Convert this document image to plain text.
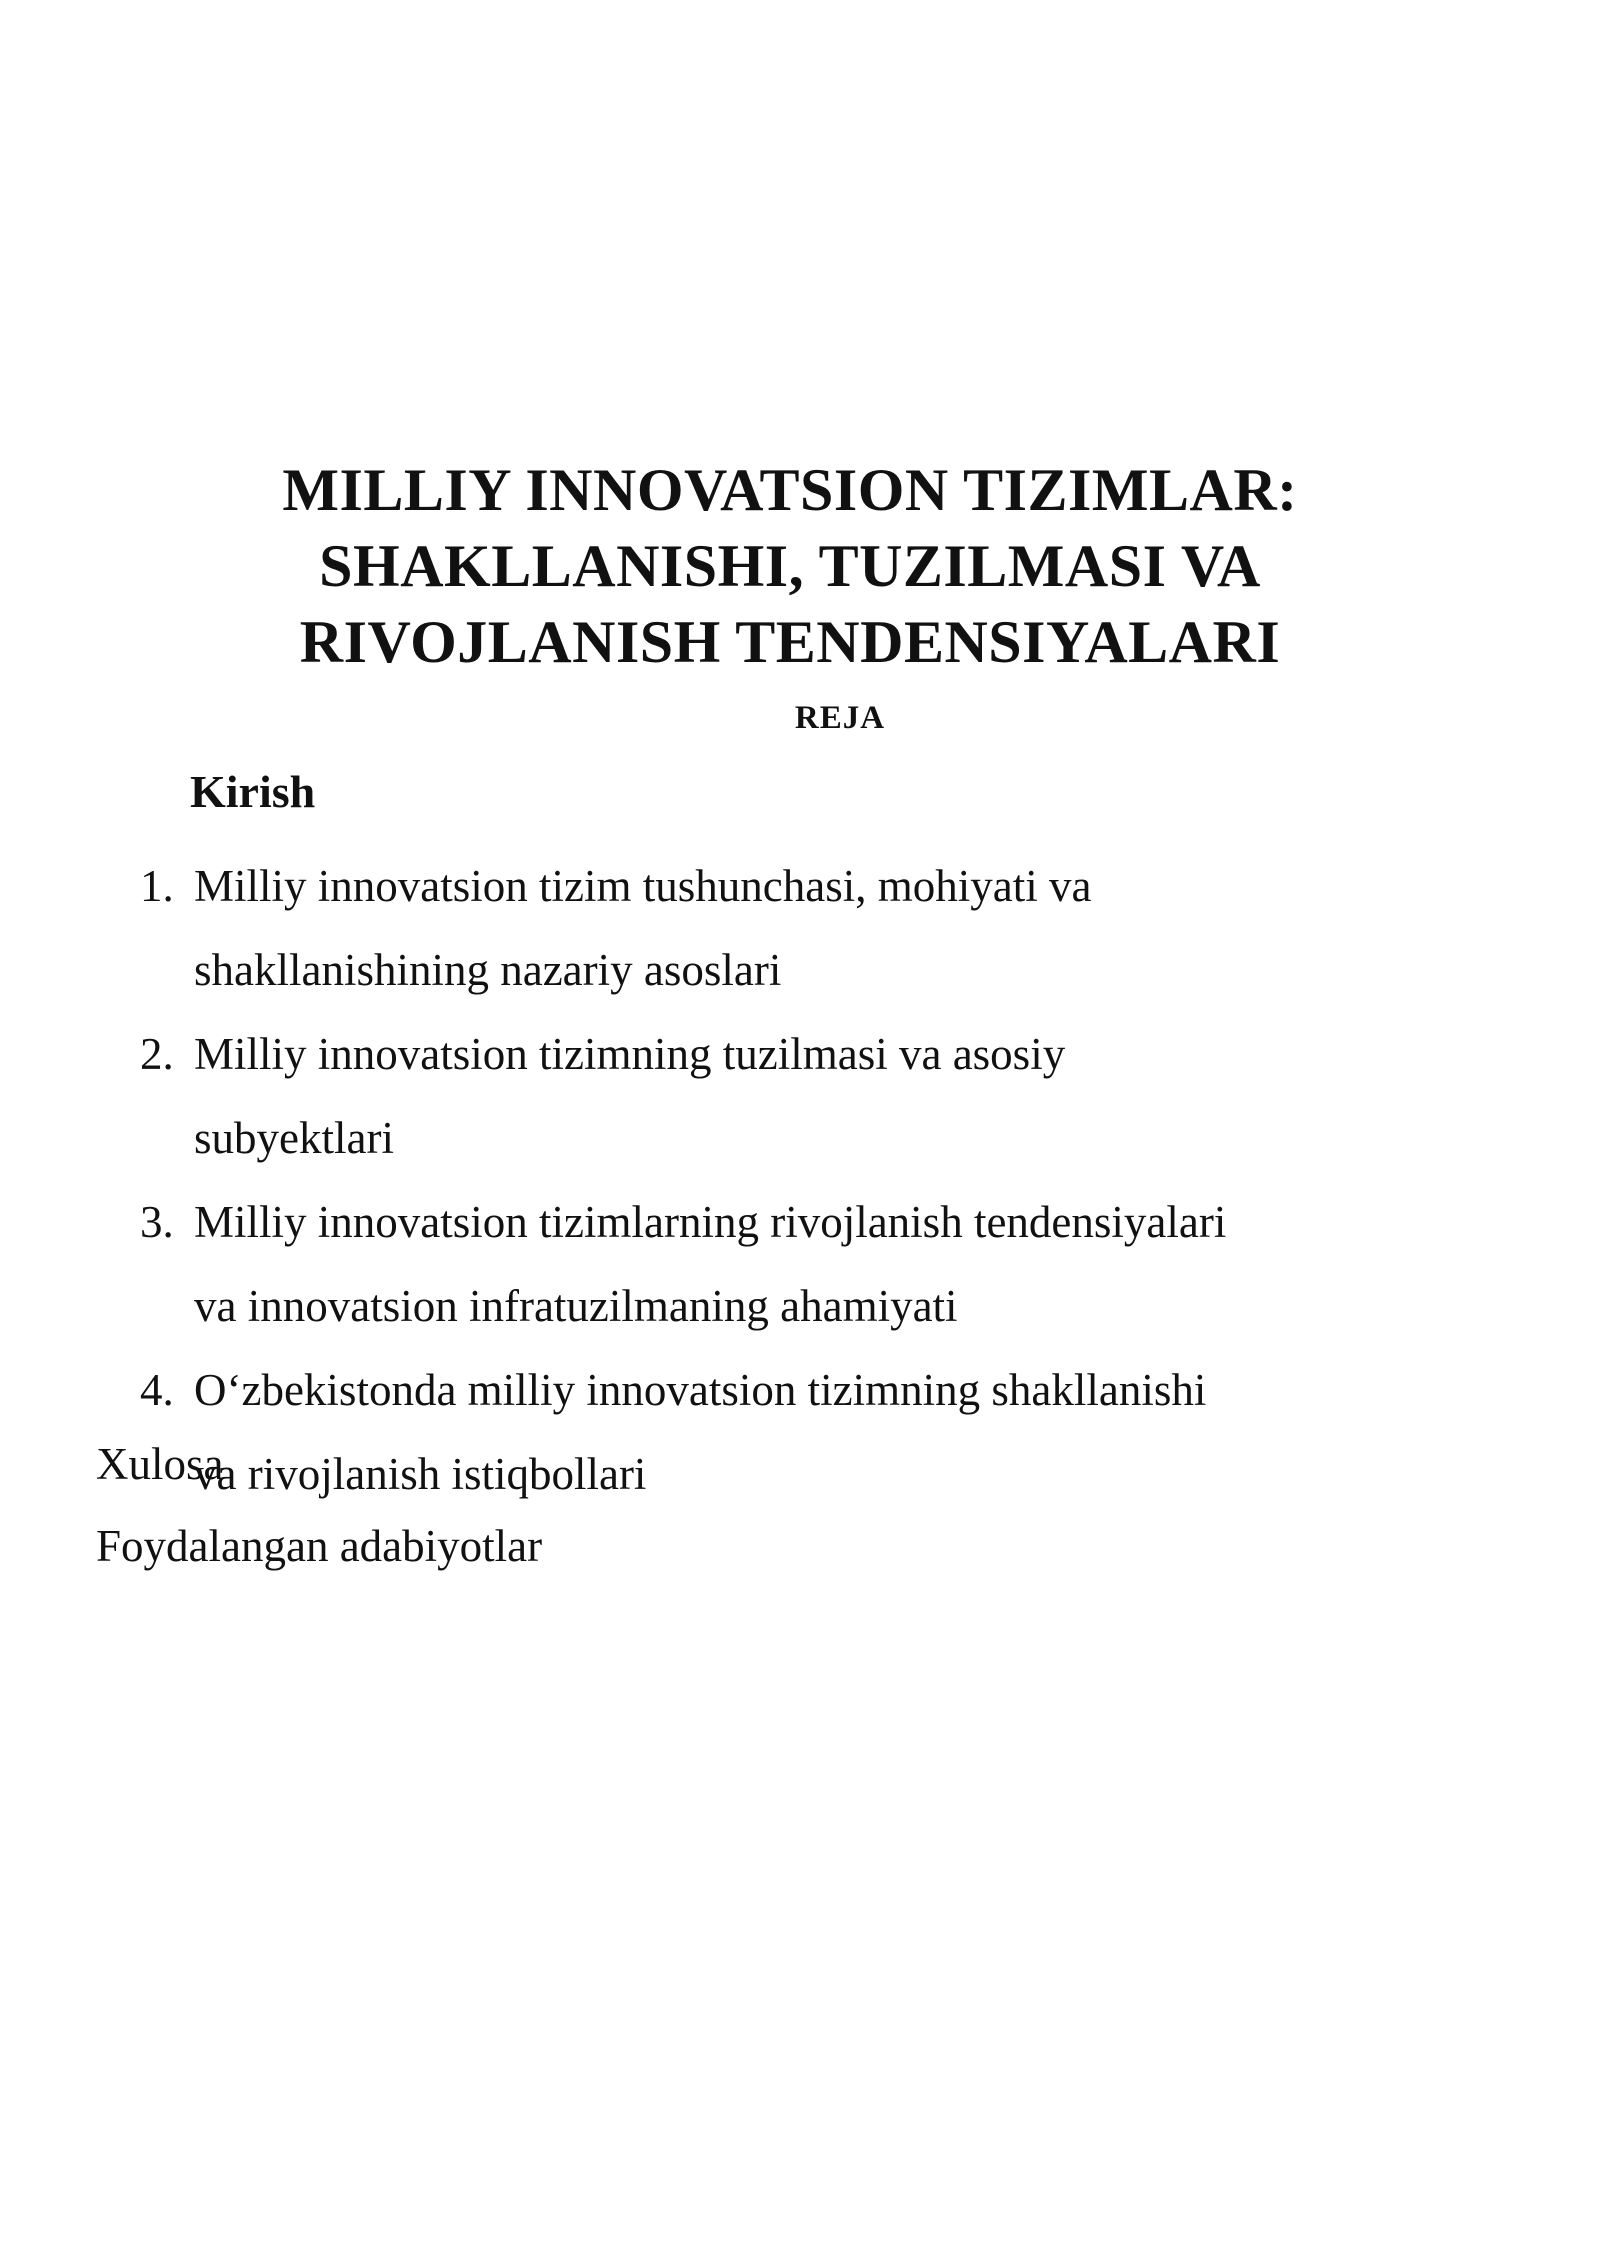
MILLIY INNOVATSION TIZIMLAR:
SHAKLLANISHI, TUZILMASI VA
RIVOJLANISH TENDENSIYALARI
REJA
Kirish
1. Milliy innovatsion tizim tushunchasi, mohiyati va shakllanishining nazariy asoslari
2. Milliy innovatsion tizimning tuzilmasi va asosiy subyektlari
3. Milliy innovatsion tizimlarning rivojlanish tendensiyalari va innovatsion infratuzilmaning ahamiyati
4. O‘zbekistonda milliy innovatsion tizimning shakllanishi va rivojlanish istiqbollari
Xulosa
Foydalangan adabiyotlar
